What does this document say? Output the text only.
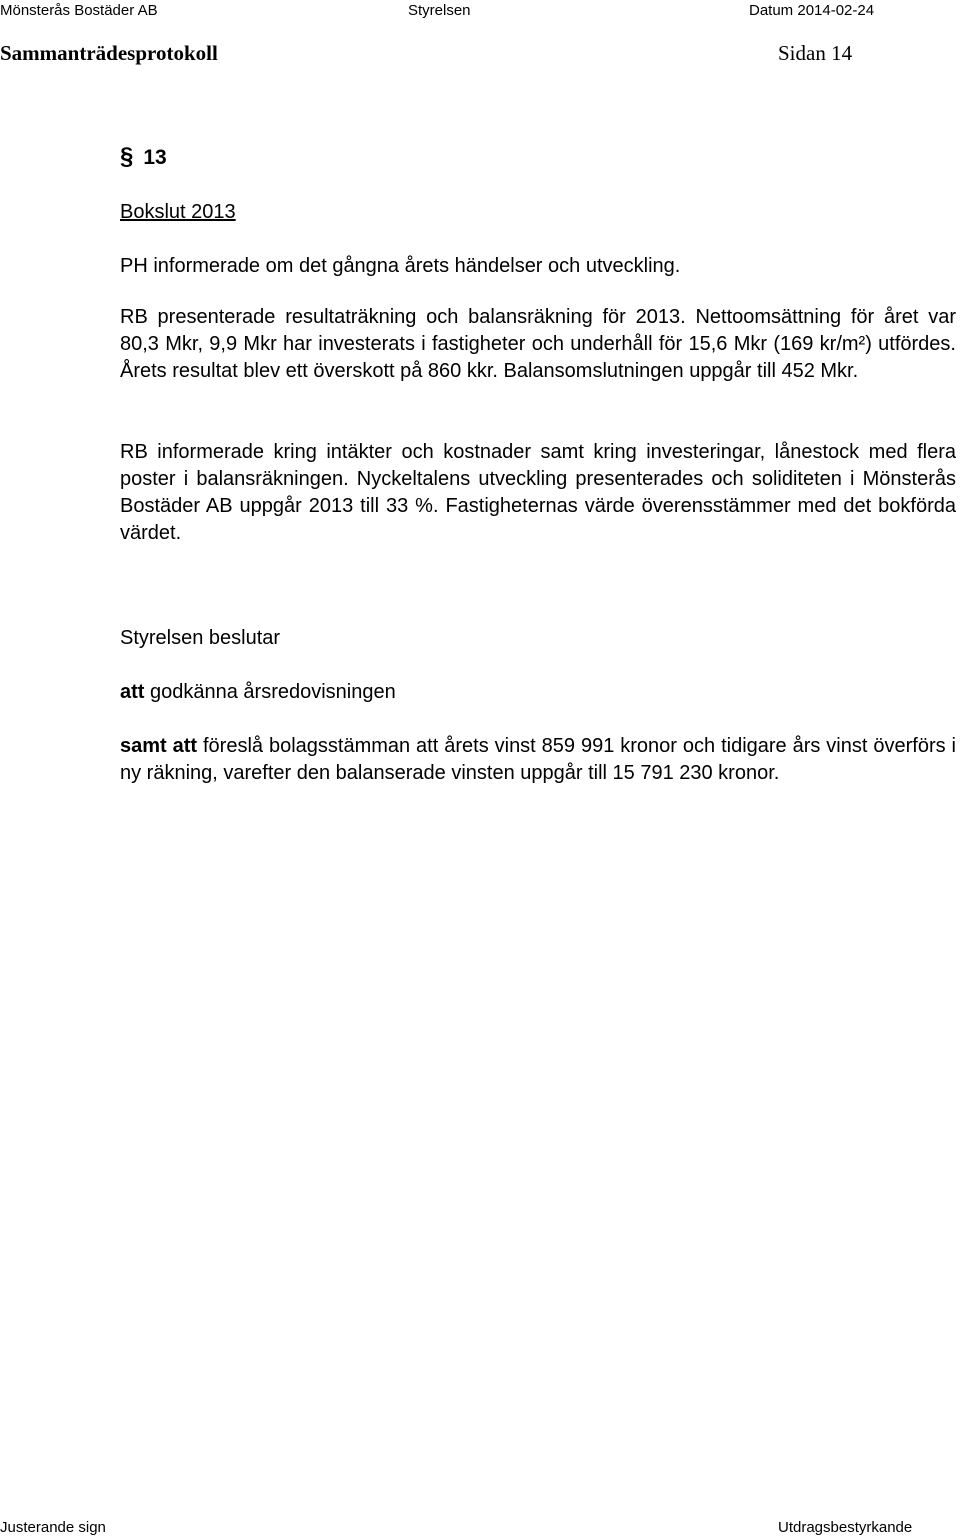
Mönsterås Bostäder AB	Styrelsen	Datum 2014-02-24
Sammanträdesprotokoll	Sidan 14
§ 13
Bokslut 2013
PH informerade om det gångna årets händelser och utveckling.
RB presenterade resultaträkning och balansräkning för 2013. Nettoomsättning för året var 80,3 Mkr, 9,9 Mkr har investerats i fastigheter och underhåll för 15,6 Mkr (169 kr/m²) utfördes. Årets resultat blev ett överskott på 860 kkr. Balansomslutningen uppgår till 452 Mkr.
RB informerade kring intäkter och kostnader samt kring investeringar, lånestock med flera poster i balansräkningen. Nyckeltalens utveckling presenterades och soliditeten i Mönsterås Bostäder AB uppgår 2013 till 33 %. Fastigheternas värde överensstämmer med det bokförda värdet.
Styrelsen beslutar
att godkänna årsredovisningen
samt att föreslå bolagsstämman att årets vinst 859 991 kronor och tidigare års vinst överförs i ny räkning, varefter den balanserade vinsten uppgår till 15 791 230 kronor.
Justerande sign	Utdragsbestyrkande
